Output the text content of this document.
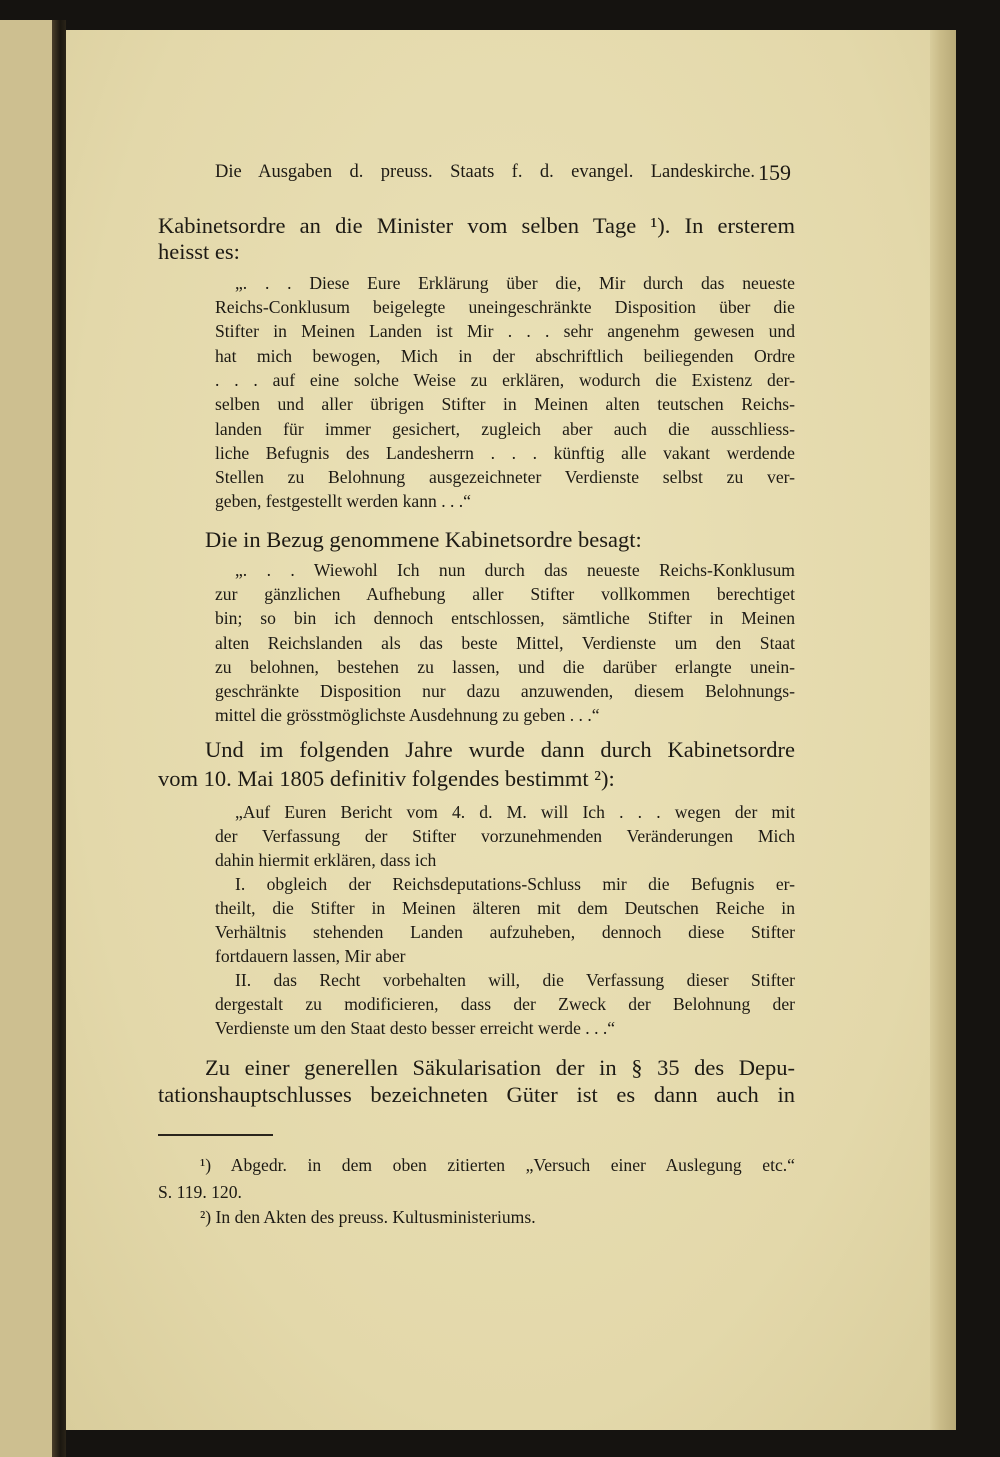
Die Ausgaben d. preuss. Staats f. d. evangel. Landeskirche. 159
Kabinetsordre an die Minister vom selben Tage ¹). In ersterem
heisst es:
„. . . Diese Eure Erklärung über die, Mir durch das neueste
Reichs-Conklusum beigelegte uneingeschränkte Disposition über die
Stifter in Meinen Landen ist Mir . . . sehr angenehm gewesen und
hat mich bewogen, Mich in der abschriftlich beiliegenden Ordre
. . . auf eine solche Weise zu erklären, wodurch die Existenz der-
selben und aller übrigen Stifter in Meinen alten teutschen Reichs-
landen für immer gesichert, zugleich aber auch die ausschliess-
liche Befugnis des Landesherrn . . . künftig alle vakant werdende
Stellen zu Belohnung ausgezeichneter Verdienste selbst zu ver-
geben, festgestellt werden kann . . .“
Die in Bezug genommene Kabinetsordre besagt:
„. . . Wiewohl Ich nun durch das neueste Reichs-Konklusum
zur gänzlichen Aufhebung aller Stifter vollkommen berechtiget
bin; so bin ich dennoch entschlossen, sämtliche Stifter in Meinen
alten Reichslanden als das beste Mittel, Verdienste um den Staat
zu belohnen, bestehen zu lassen, und die darüber erlangte unein-
geschränkte Disposition nur dazu anzuwenden, diesem Belohnungs-
mittel die grösstmöglichste Ausdehnung zu geben . . .“
Und im folgenden Jahre wurde dann durch Kabinetsordre
vom 10. Mai 1805 definitiv folgendes bestimmt ²):
„Auf Euren Bericht vom 4. d. M. will Ich . . . wegen der mit
der Verfassung der Stifter vorzunehmenden Veränderungen Mich
dahin hiermit erklären, dass ich
I. obgleich der Reichsdeputations-Schluss mir die Befugnis er-
theilt, die Stifter in Meinen älteren mit dem Deutschen Reiche in
Verhältnis stehenden Landen aufzuheben, dennoch diese Stifter
fortdauern lassen, Mir aber
II. das Recht vorbehalten will, die Verfassung dieser Stifter
dergestalt zu modificieren, dass der Zweck der Belohnung der
Verdienste um den Staat desto besser erreicht werde . . .“
Zu einer generellen Säkularisation der in § 35 des Depu-
tationshauptschlusses bezeichneten Güter ist es dann auch in
¹) Abgedr. in dem oben zitierten „Versuch einer Auslegung etc.“
S. 119. 120.
²) In den Akten des preuss. Kultusministeriums.
